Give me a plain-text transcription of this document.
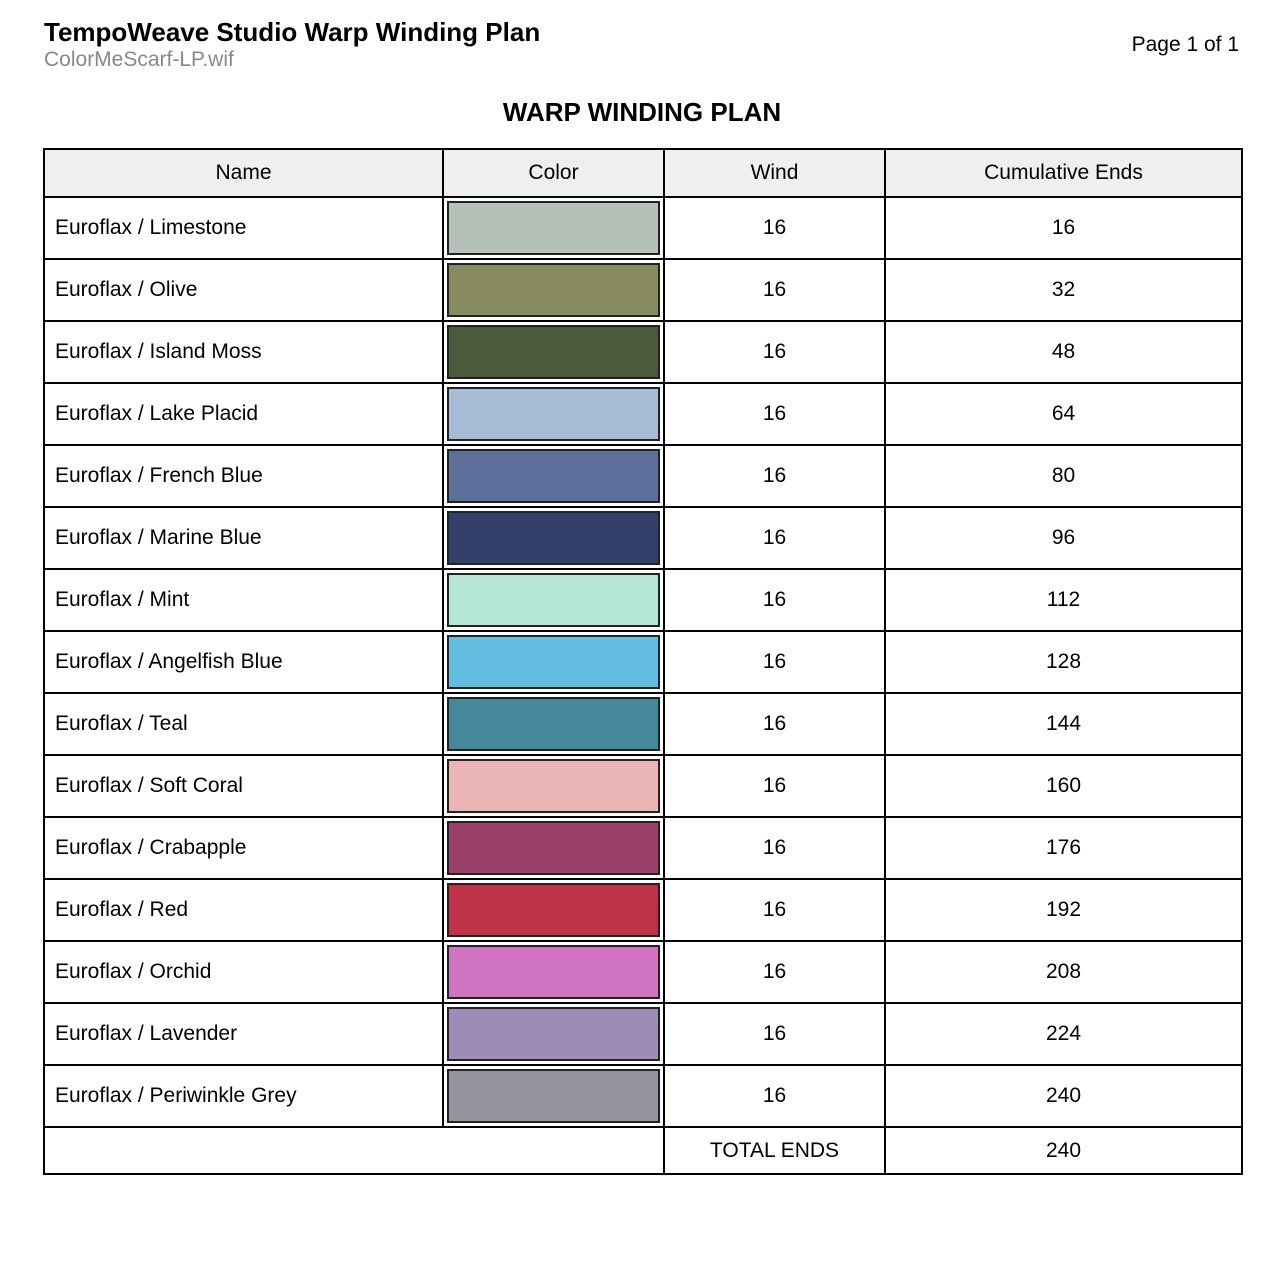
TempoWeave Studio Warp Winding Plan
ColorMeScarf-LP.wif
Page 1 of 1
WARP WINDING PLAN
Name	Color	Wind	Cumulative Ends
Euroflax / Limestone		16	16
Euroflax / Olive		16	32
Euroflax / Island Moss		16	48
Euroflax / Lake Placid		16	64
Euroflax / French Blue		16	80
Euroflax / Marine Blue		16	96
Euroflax / Mint		16	112
Euroflax / Angelfish Blue		16	128
Euroflax / Teal		16	144
Euroflax / Soft Coral		16	160
Euroflax / Crabapple		16	176
Euroflax / Red		16	192
Euroflax / Orchid		16	208
Euroflax / Lavender		16	224
Euroflax / Periwinkle Grey		16	240
		TOTAL ENDS	240
